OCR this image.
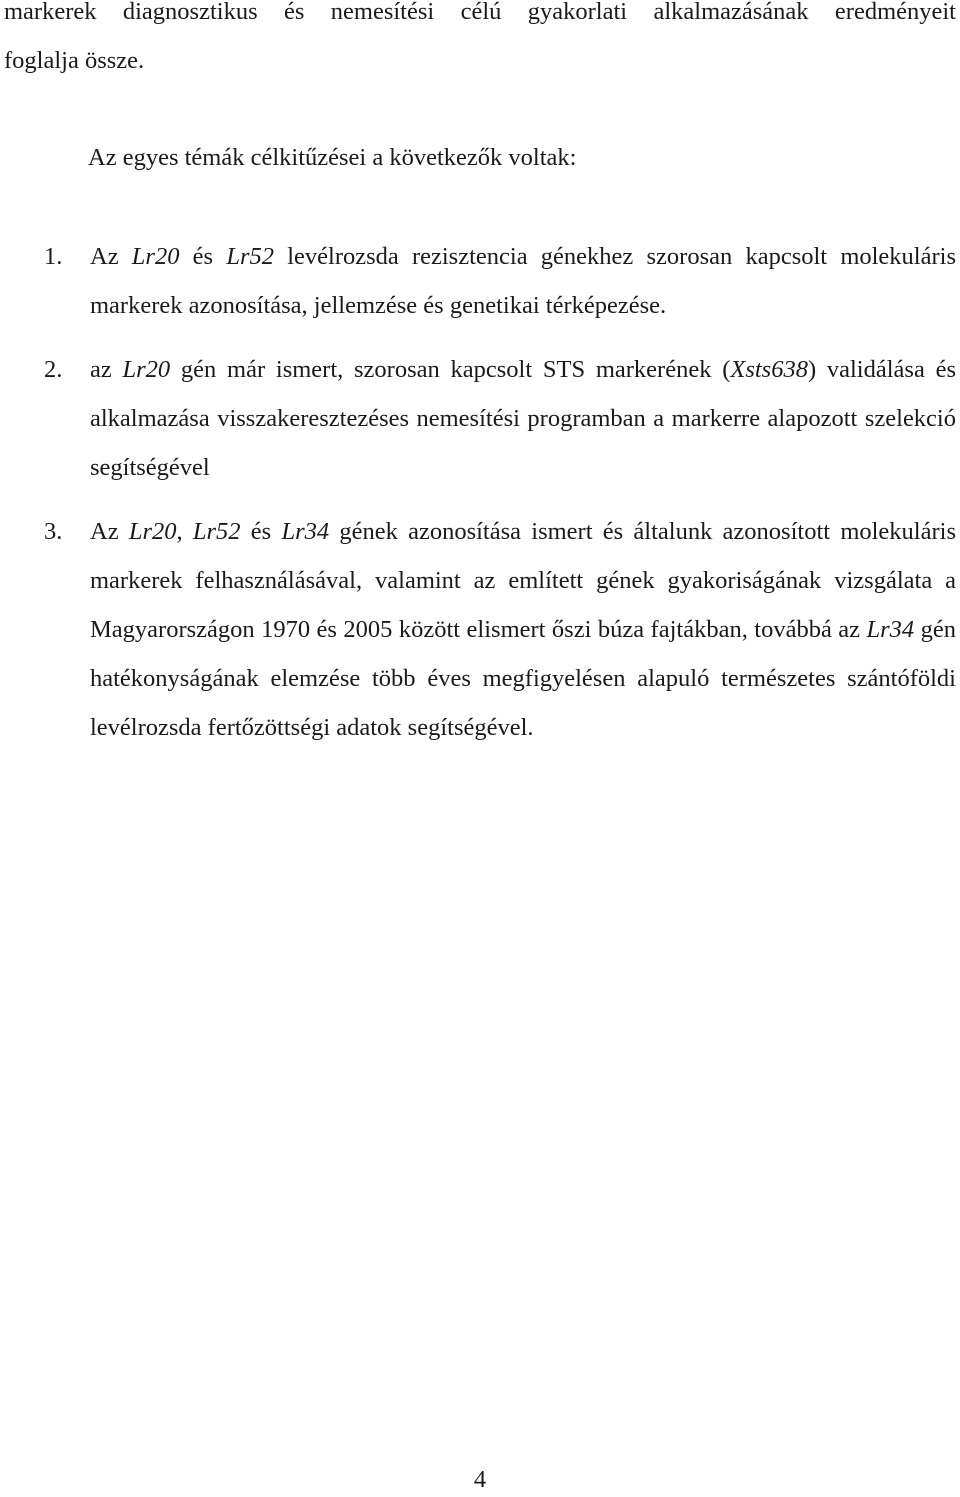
markerek diagnosztikus és nemesítési célú gyakorlati alkalmazásának eredményeit
foglalja össze.
Az egyes témák célkitűzései a következők voltak:
1. Az Lr20 és Lr52 levélrozsda rezisztencia génekhez szorosan kapcsolt molekuláris markerek azonosítása, jellemzése és genetikai térképezése.
2. az Lr20 gén már ismert, szorosan kapcsolt STS markerének (Xsts638) validálása és alkalmazása visszakeresztezéses nemesítési programban a markerre alapozott szelekció segítségével
3. Az Lr20, Lr52 és Lr34 gének azonosítása ismert és általunk azonosított molekuláris markerek felhasználásával, valamint az említett gének gyakoriságának vizsgálata a Magyarországon 1970 és 2005 között elismert őszi búza fajtákban, továbbá az Lr34 gén hatékonyságának elemzése több éves megfigyelésen alapuló természetes szántóföldi levélrozsda fertőzöttségi adatok segítségével.
4
